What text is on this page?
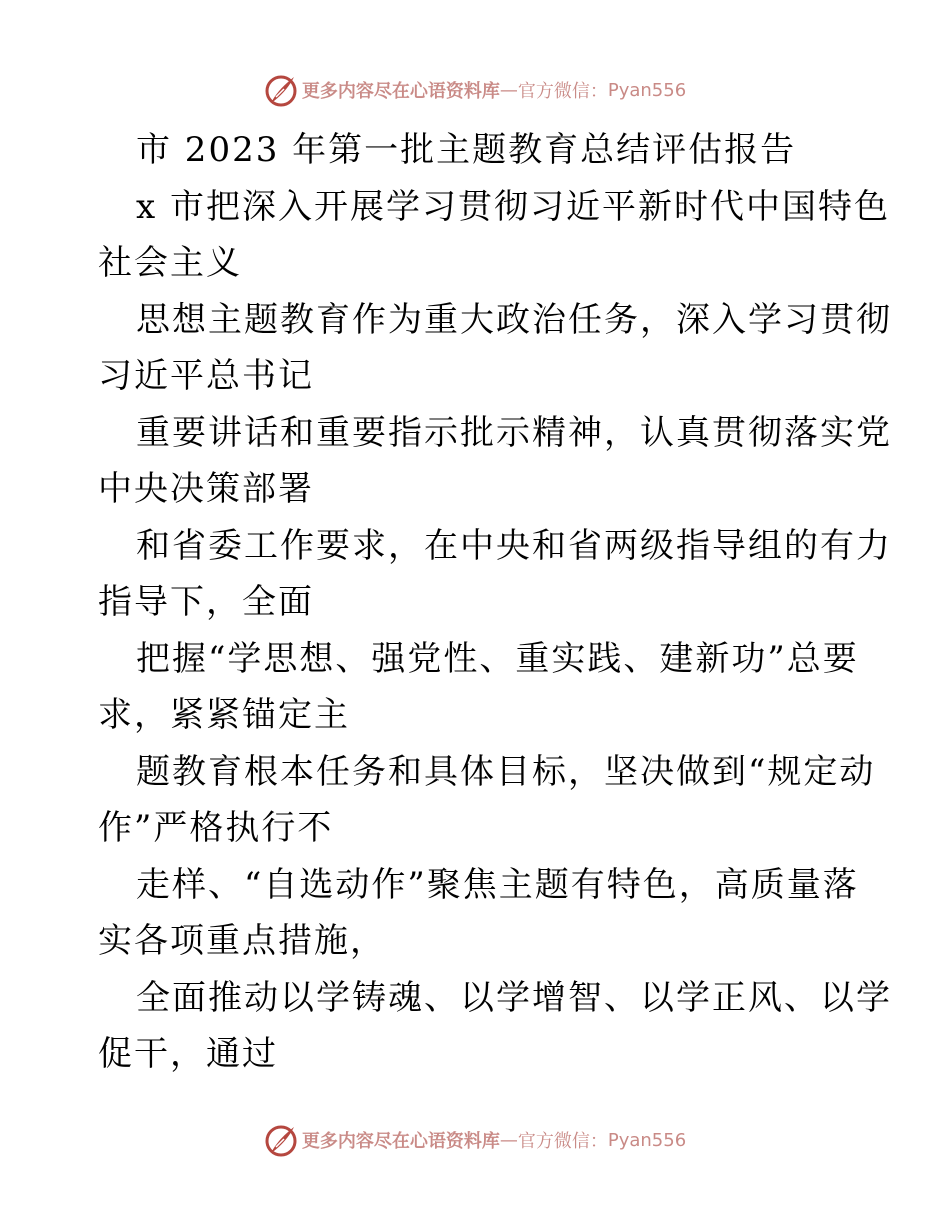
更多内容尽在心语资料库 — 官方微信： Pyan556

市 2023 年第一批主题教育总结评估报告

x 市把深入开展学习贯彻习近平新时代中国特色

社会主义

思想主题教育作为重大政治任务，深入学习贯彻

习近平总书记

重要讲话和重要指示批示精神，认真贯彻落实党

中央决策部署

和省委工作要求，在中央和省两级指导组的有力

指导下，全面

把握“学思想、强党性、重实践、建新功”总要

求，紧紧锚定主

题教育根本任务和具体目标，坚决做到“规定动

作”严格执行不

走样、“自选动作”聚焦主题有特色，高质量落

实各项重点措施，

全面推动以学铸魂、以学增智、以学正风、以学

促干，通过

更多内容尽在心语资料库 — 官方微信： Pyan556
